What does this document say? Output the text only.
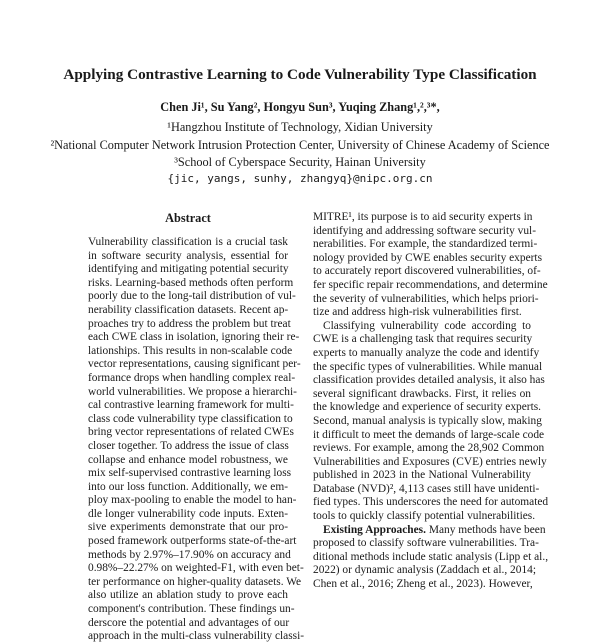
Applying Contrastive Learning to Code Vulnerability Type Classification
Chen Ji¹, Su Yang², Hongyu Sun³, Yuqing Zhang¹,²,³*,
¹Hangzhou Institute of Technology, Xidian University
²National Computer Network Intrusion Protection Center, University of Chinese Academy of Science
³School of Cyberspace Security, Hainan University
{jic, yangs, sunhy, zhangyq}@nipc.org.cn
Abstract
Vulnerability classification is a crucial task
in software security analysis, essential for
identifying and mitigating potential security
risks. Learning-based methods often perform
poorly due to the long-tail distribution of vul-
nerability classification datasets. Recent ap-
proaches try to address the problem but treat
each CWE class in isolation, ignoring their re-
lationships. This results in non-scalable code
vector representations, causing significant per-
formance drops when handling complex real-
world vulnerabilities. We propose a hierarchi-
cal contrastive learning framework for multi-
class code vulnerability type classification to
bring vector representations of related CWEs
closer together. To address the issue of class
collapse and enhance model robustness, we
mix self-supervised contrastive learning loss
into our loss function. Additionally, we em-
ploy max-pooling to enable the model to han-
dle longer vulnerability code inputs. Exten-
sive experiments demonstrate that our pro-
posed framework outperforms state-of-the-art
methods by 2.97%–17.90% on accuracy and
0.98%–22.27% on weighted-F1, with even bet-
ter performance on higher-quality datasets. We
also utilize an ablation study to prove each
component's contribution. These findings un-
derscore the potential and advantages of our
approach in the multi-class vulnerability classi-
MITRE¹, its purpose is to aid security experts in
identifying and addressing software security vul-
nerabilities. For example, the standardized termi-
nology provided by CWE enables security experts
to accurately report discovered vulnerabilities, of-
fer specific repair recommendations, and determine
the severity of vulnerabilities, which helps priori-
tize and address high-risk vulnerabilities first.
Classifying vulnerability code according to
CWE is a challenging task that requires security
experts to manually analyze the code and identify
the specific types of vulnerabilities. While manual
classification provides detailed analysis, it also has
several significant drawbacks. First, it relies on
the knowledge and experience of security experts.
Second, manual analysis is typically slow, making
it difficult to meet the demands of large-scale code
reviews. For example, among the 28,902 Common
Vulnerabilities and Exposures (CVE) entries newly
published in 2023 in the National Vulnerability
Database (NVD)², 4,113 cases still have unidenti-
fied types. This underscores the need for automated
tools to quickly classify potential vulnerabilities.
Existing Approaches. Many methods have been
proposed to classify software vulnerabilities. Tra-
ditional methods include static analysis (Lipp et al.,
2022) or dynamic analysis (Zaddach et al., 2014;
Chen et al., 2016; Zheng et al., 2023). However,
